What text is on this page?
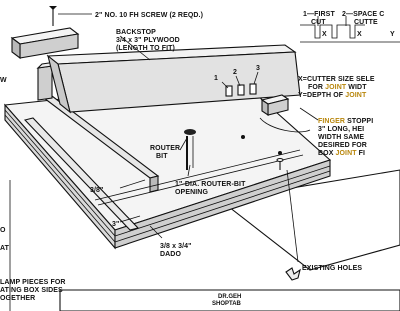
2" NO. 10 FH SCREW (2 REQD.)
BACKSTOP
3/4 x 3" PLYWOOD
(LENGTH TO FIT)
1—FIRST
CUT
2—SPACE C
CUTTE
X	X	Y
1
2
3
X=CUTTER SIZE SELE
FOR JOINT WIDT
Y=DEPTH OF JOINT
FINGER STOPPI
3" LONG, HEI
WIDTH SAME
DESIRED FOR
BOX JOINT FI
ROUTER
BIT
1"-DIA. ROUTER-BIT
OPENING
3/8"
3"
3/8 x 3/4"
DADO
EXISTING HOLES
W
O
AT
LAMP PIECES FOR
ATING BOX SIDES
OGETHER	DR.GEH
SHOPTAB
